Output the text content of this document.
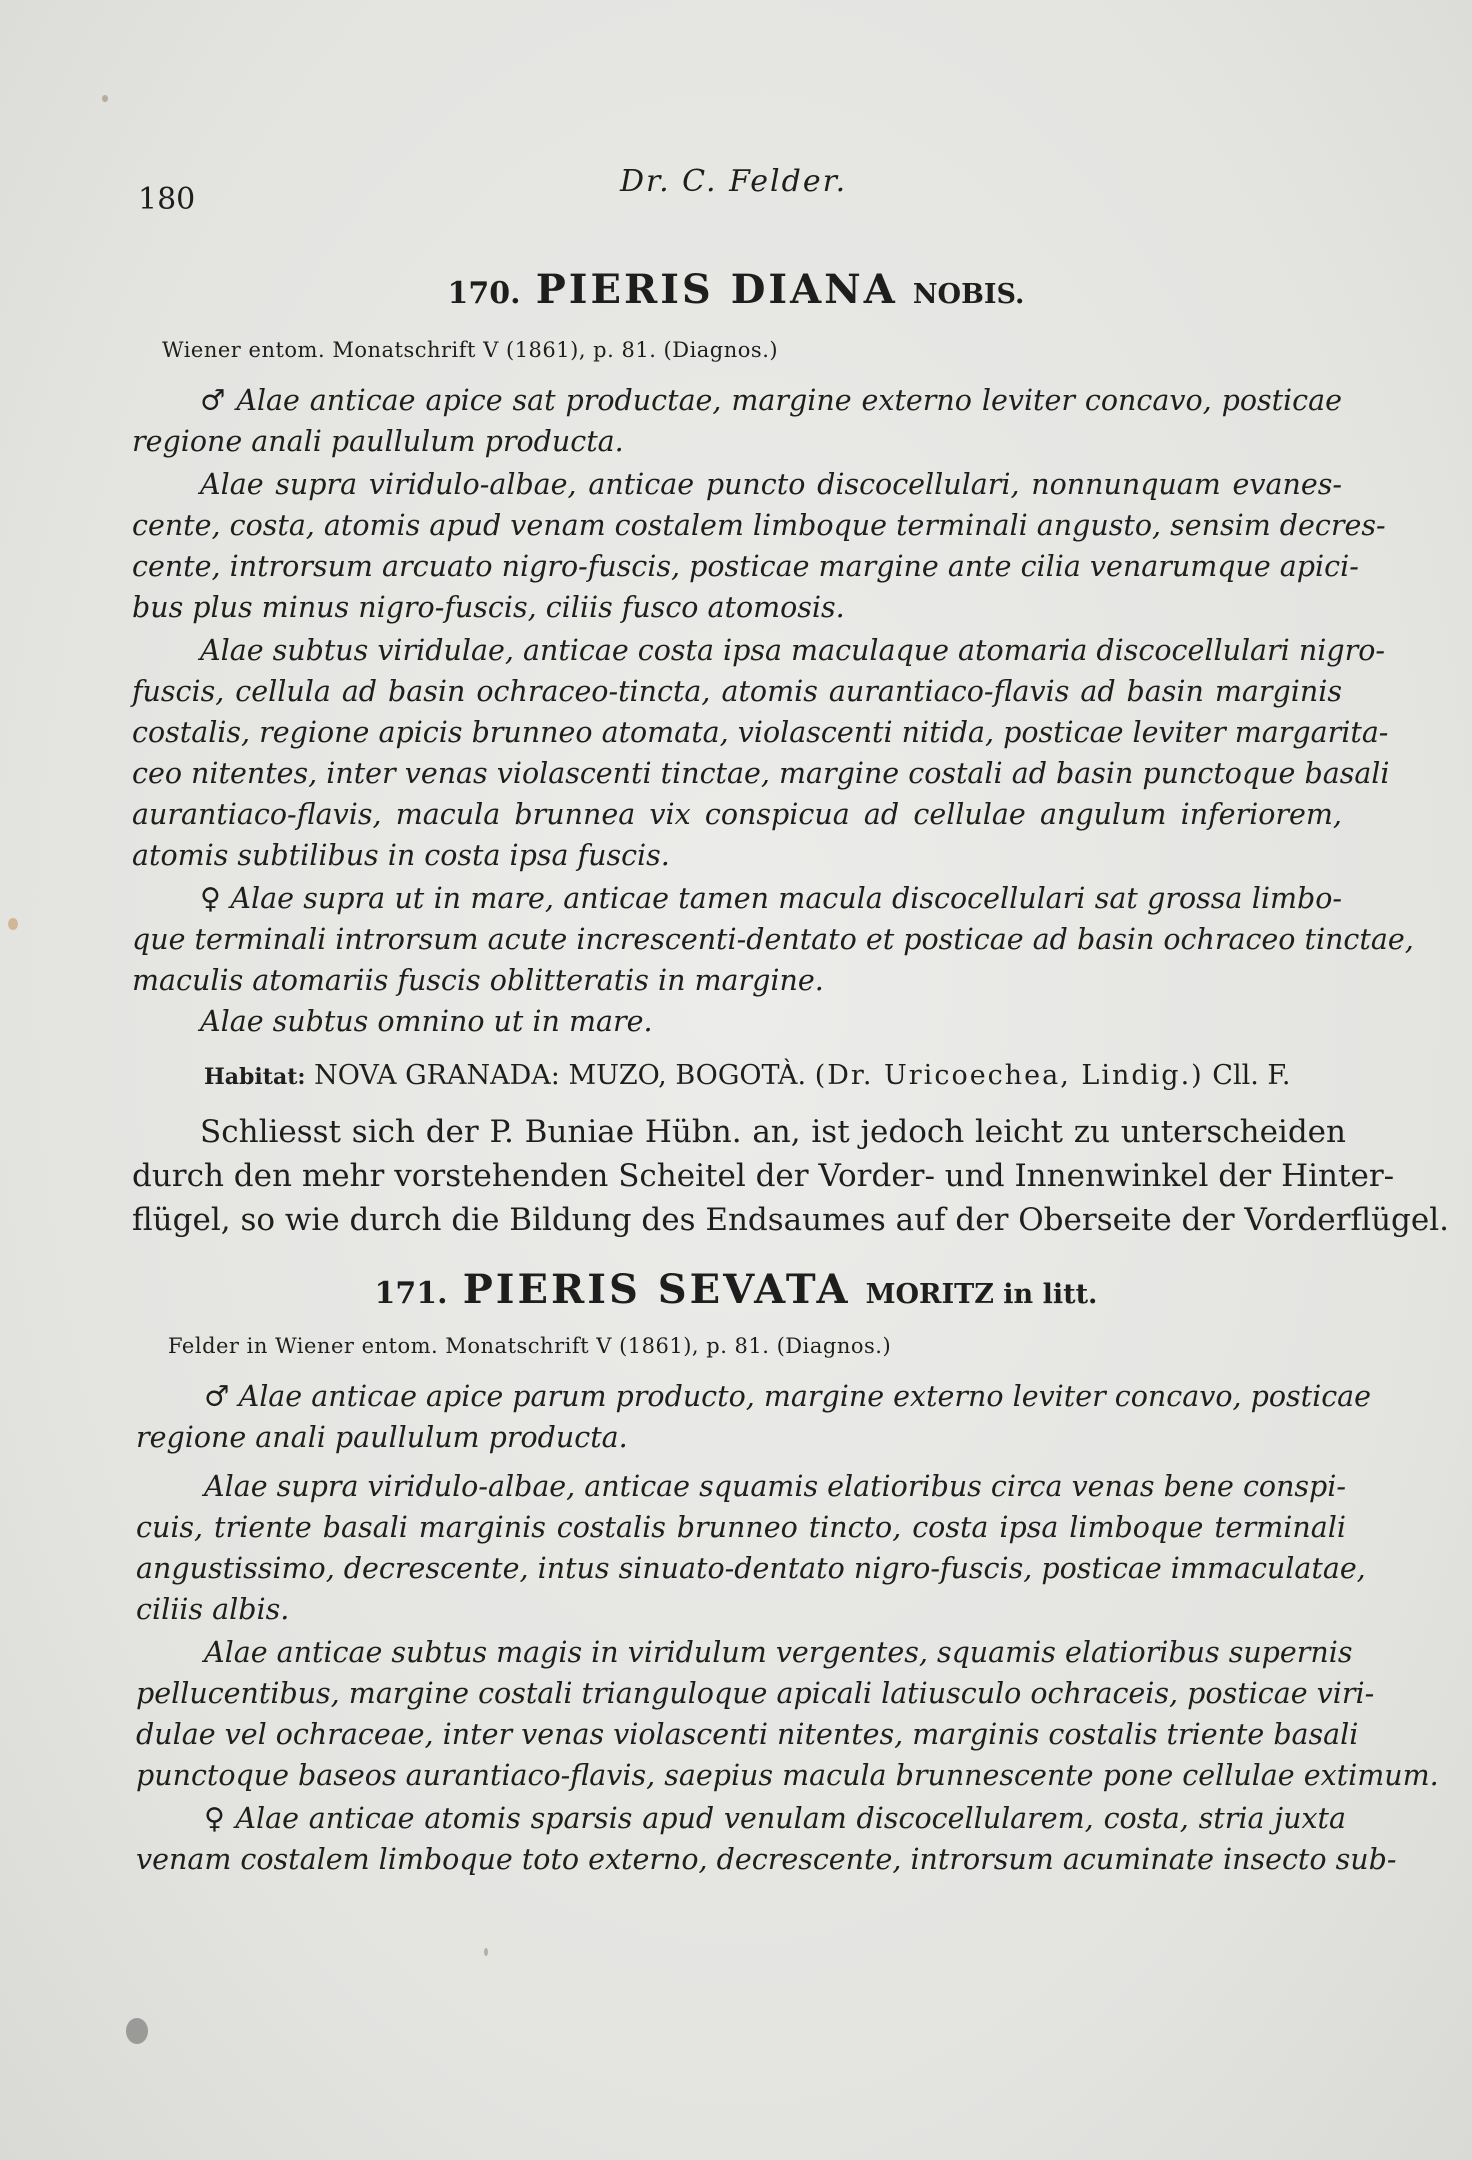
180
Dr. C. Felder.
170. PIERIS DIANA NOBIS.
Wiener entom. Monatschrift V (1861), p. 81. (Diagnos.)
♂ Alae anticae apice sat productae, margine externo leviter concavo, posticae
regione anali paullulum producta.
Alae supra viridulo-albae, anticae puncto discocellulari, nonnunquam evanes-
cente, costa, atomis apud venam costalem limboque terminali angusto, sensim decres-
cente, introrsum arcuato nigro-fuscis, posticae margine ante cilia venarumque apici-
bus plus minus nigro-fuscis, ciliis fusco atomosis.
Alae subtus viridulae, anticae costa ipsa maculaque atomaria discocellulari nigro-
fuscis, cellula ad basin ochraceo-tincta, atomis aurantiaco-flavis ad basin marginis
costalis, regione apicis brunneo atomata, violascenti nitida, posticae leviter margarita-
ceo nitentes, inter venas violascenti tinctae, margine costali ad basin punctoque basali
aurantiaco-flavis, macula brunnea vix conspicua ad cellulae angulum inferiorem,
atomis subtilibus in costa ipsa fuscis.
♀ Alae supra ut in mare, anticae tamen macula discocellulari sat grossa limbo-
que terminali introrsum acute increscenti-dentato et posticae ad basin ochraceo tinctae,
maculis atomariis fuscis oblitteratis in margine.
Alae subtus omnino ut in mare.
Habitat: NOVA GRANADA: MUZO, BOGOTÀ. (Dr. Uricoechea, Lindig.) Cll. F.
Schliesst sich der P. Buniae Hübn. an, ist jedoch leicht zu unterscheiden
durch den mehr vorstehenden Scheitel der Vorder- und Innenwinkel der Hinter-
flügel, so wie durch die Bildung des Endsaumes auf der Oberseite der Vorderflügel.
171. PIERIS SEVATA MORITZ in litt.
Felder in Wiener entom. Monatschrift V (1861), p. 81. (Diagnos.)
♂ Alae anticae apice parum producto, margine externo leviter concavo, posticae
regione anali paullulum producta.
Alae supra viridulo-albae, anticae squamis elatioribus circa venas bene conspi-
cuis, triente basali marginis costalis brunneo tincto, costa ipsa limboque terminali
angustissimo, decrescente, intus sinuato-dentato nigro-fuscis, posticae immaculatae,
ciliis albis.
Alae anticae subtus magis in viridulum vergentes, squamis elatioribus supernis
pellucentibus, margine costali trianguloque apicali latiusculo ochraceis, posticae viri-
dulae vel ochraceae, inter venas violascenti nitentes, marginis costalis triente basali
punctoque baseos aurantiaco-flavis, saepius macula brunnescente pone cellulae extimum.
♀ Alae anticae atomis sparsis apud venulam discocellularem, costa, stria juxta
venam costalem limboque toto externo, decrescente, introrsum acuminate insecto sub-
